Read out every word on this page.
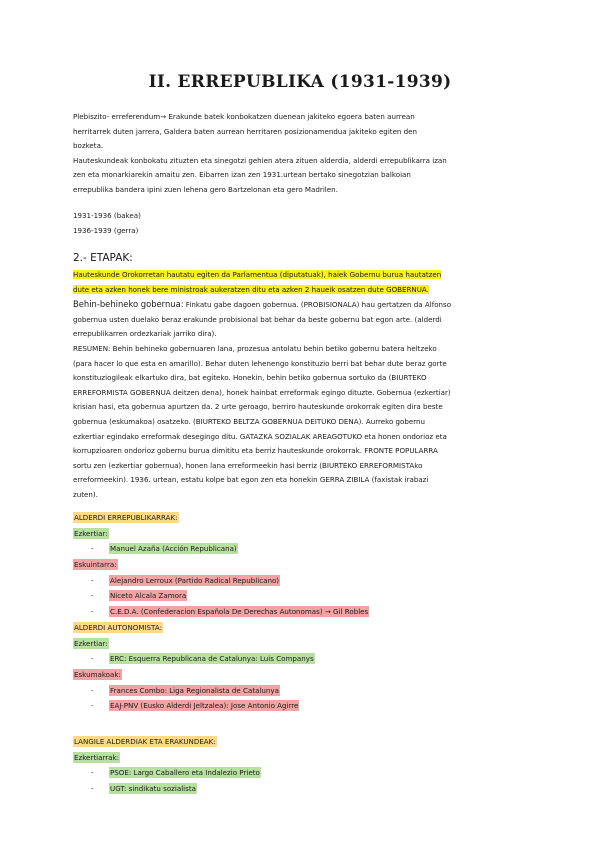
II. ERREPUBLIKA (1931-1939)
Plebiszito- erreferendum→ Erakunde batek konbokatzen duenean jakiteko egoera baten aurrean
herritarrek duten jarrera, Galdera baten aurrean herritaren posizionamendua jakiteko egiten den
bozketa.
Hauteskundeak konbokatu zituzten eta sinegotzi gehien atera zituen alderdia, alderdi errepublikarra izan
zen eta monarkiarekin amaitu zen. Eibarren izan zen 1931.urtean bertako sinegotzian balkoian
errepublika bandera ipini zuen lehena gero Bartzelonan eta gero Madrilen.
1931-1936 (bakea)
1936-1939 (gerra)
2.- ETAPAK:
Hauteskunde Orokorretan hautatu egiten da Parlamentua (diputatuak), haiek Gobernu burua hautatzen
dute eta azken honek bere ministroak aukeratzen ditu eta azken 2 haueik osatzen dute GOBERNUA.
Behin-behineko gobernua: Finkatu gabe dagoen gobernua. (PROBISIONALA) hau gertatzen da Alfonso
gobernua usten duelako beraz erakunde probisional bat behar da beste gobernu bat egon arte. (alderdi
errepublikarren ordezkariak jarriko dira).
RESUMEN: Behin behineko gobernuaren lana, prozesua antolatu behin betiko gobernu batera heltzeko
(para hacer lo que esta en amarillo). Behar duten lehenengo konstituzio berri bat behar dute beraz gorte
konstituziogileak elkartuko dira, bat egiteko. Honekin, behin betiko gobernua sortuko da (BIURTEKO
ERREFORMISTA GOBERNUA deitzen dena), honek hainbat erreformak egingo dituzte. Gobernua (ezkertiar)
krisian hasi, eta gobernua apurtzen da. 2 urte geroago, berriro hauteskunde orokorrak egiten dira beste
gobernua (eskumakoa) osatzeko. (BIURTEKO BELTZA GOBERNUA DEITUKO DENA). Aurreko gobernu
ezkertiar egindako erreformak desegingo ditu. GATAZKA SOZIALAK AREAGOTUKO eta honen ondorioz eta
korrupzioaren ondorioz gobernu burua dimititu eta berriz hauteskunde orokorrak. FRONTE POPULARRA
sortu zen (ezkertiar gobernua), honen lana erreformeekin hasi berriz (BIURTEKO ERREFORMISTAko
erreformeekin). 1936. urtean, estatu kolpe bat egon zen eta honekin GERRA ZIBILA (faxistak irabazi
zuten).
ALDERDI ERREPUBLIKARRAK:
Ezkertiar:
- Manuel Azaña (Acción Republicana)
Eskuintarra:
- Alejandro Lerroux (Partido Radical Republicano)
- Niceto Alcala Zamora
- C.E.D.A. (Confederacion Española De Derechas Autonomas) → Gil Robles
ALDERDI AUTONOMISTA:
Ezkertiar:
- ERC: Esquerra Republicana de Catalunya: Luis Companys
Eskumakoak:
- Frances Combo: Liga Regionalista de Catalunya
- EAJ-PNV (Eusko Alderdi Jeltzalea): Jose Antonio Agirre
LANGILE ALDERDIAK ETA ERAKUNDEAK:
Ezkertiarrak:
- PSOE: Largo Caballero eta Indalezio Prieto
- UGT: sindikatu sozialista
